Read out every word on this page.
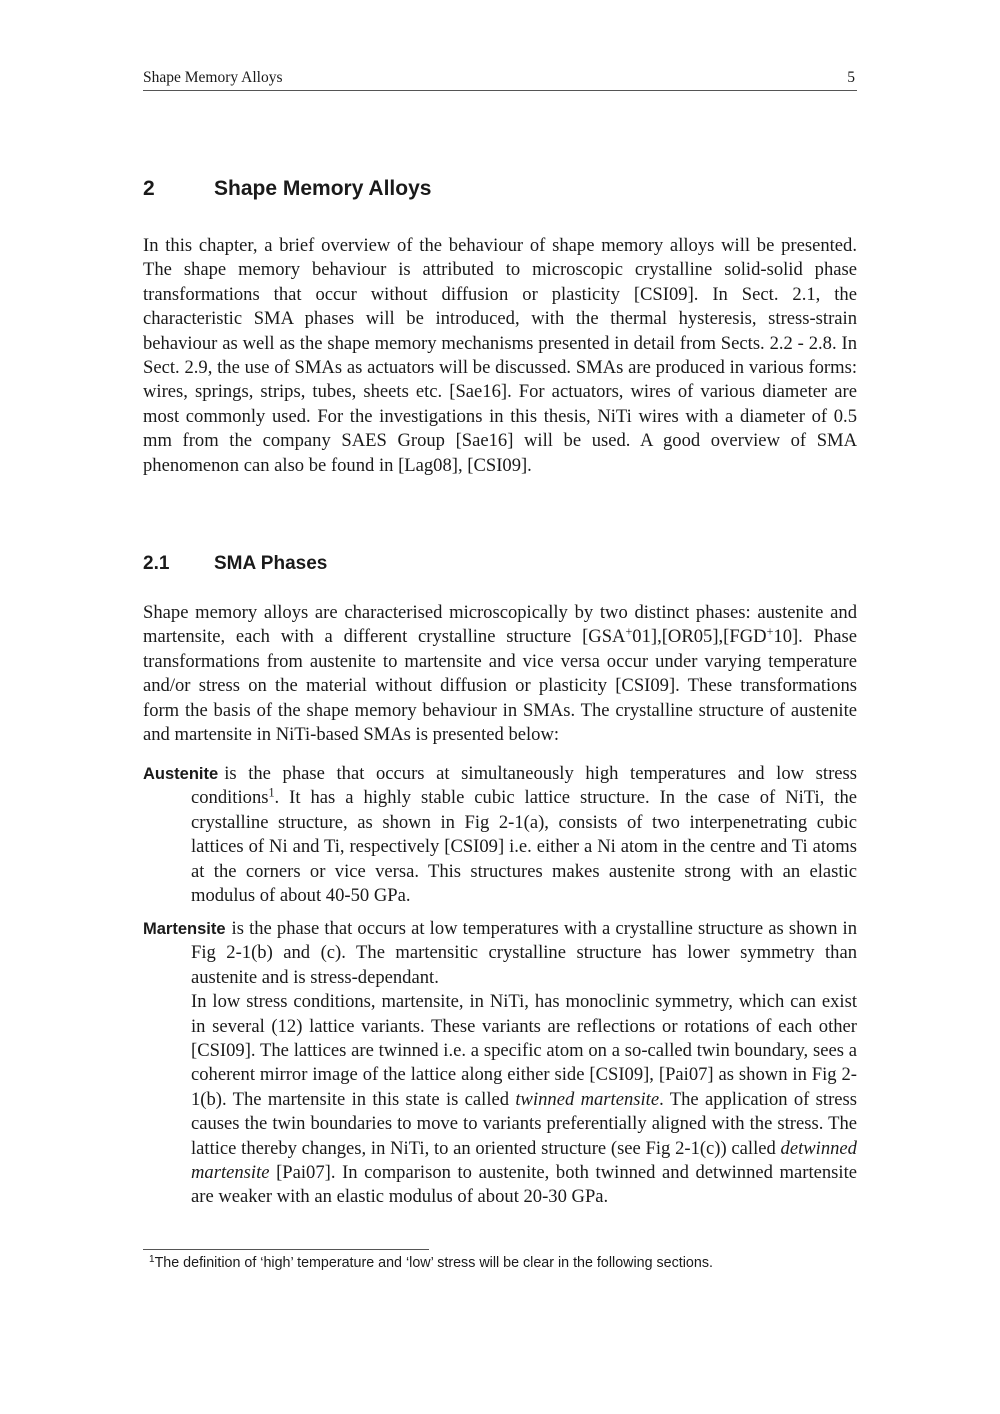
Shape Memory Alloys	5
2	Shape Memory Alloys

In this chapter, a brief overview of the behaviour of shape memory alloys will be presented. The shape memory behaviour is attributed to microscopic crystalline solid-solid phase transformations that occur without diffusion or plasticity [CSI09]. In Sect. 2.1, the characteristic SMA phases will be introduced, with the thermal hysteresis, stress-strain behaviour as well as the shape memory mechanisms presented in detail from Sects. 2.2 - 2.8. In Sect. 2.9, the use of SMAs as actuators will be discussed. SMAs are produced in various forms: wires, springs, strips, tubes, sheets etc. [Sae16]. For actuators, wires of various diameter are most commonly used. For the investigations in this thesis, NiTi wires with a diameter of 0.5 mm from the company SAES Group [Sae16] will be used. A good overview of SMA phenomenon can also be found in [Lag08], [CSI09].

2.1 SMA Phases

Shape memory alloys are characterised microscopically by two distinct phases: austenite and martensite, each with a different crystalline structure [GSA+01],[OR05],[FGD+10]. Phase transformations from austenite to martensite and vice versa occur under varying temperature and/or stress on the material without diffusion or plasticity [CSI09]. These transformations form the basis of the shape memory behaviour in SMAs. The crystalline structure of austenite and martensite in NiTi-based SMAs is presented below:

Austenite is the phase that occurs at simultaneously high temperatures and low stress conditions$^1$. It has a highly stable cubic lattice structure. In the case of NiTi, the crystalline structure, as shown in Fig 2-1(a), consists of two interpenetrating cubic lattices of Ni and Ti, respectively [CSI09] i.e. either a Ni atom in the centre and Ti atoms at the corners or vice versa. This structures makes austenite strong with an elastic modulus of about 40-50 GPa.

Martensite is the phase that occurs at low temperatures with a crystalline structure as shown in Fig 2-1(b) and (c). The martensitic crystalline structure has lower symmetry than austenite and is stress-dependant.

In low stress conditions, martensite, in NiTi, has monoclinic symmetry, which can exist in several (12) lattice variants. These variants are reflections or rotations of each other [CSI09]. The lattices are twinned i.e. a specific atom on a so-called twin boundary, sees a coherent mirror image of the lattice along either side [CSI09], [Pai07] as shown in Fig 2-1(b). The martensite in this state is called twinned martensite. The application of stress causes the twin boundaries to move to variants preferentially aligned with the stress. The lattice thereby changes, in NiTi, to an oriented structure (see Fig 2-1(c)) called detwinned martensite [Pai07]. In comparison to austenite, both twinned and detwinned martensite are weaker with an elastic modulus of about 20-30 GPa.

$^1$The definition of ‘high’ temperature and ‘low’ stress will be clear in the following sections.
